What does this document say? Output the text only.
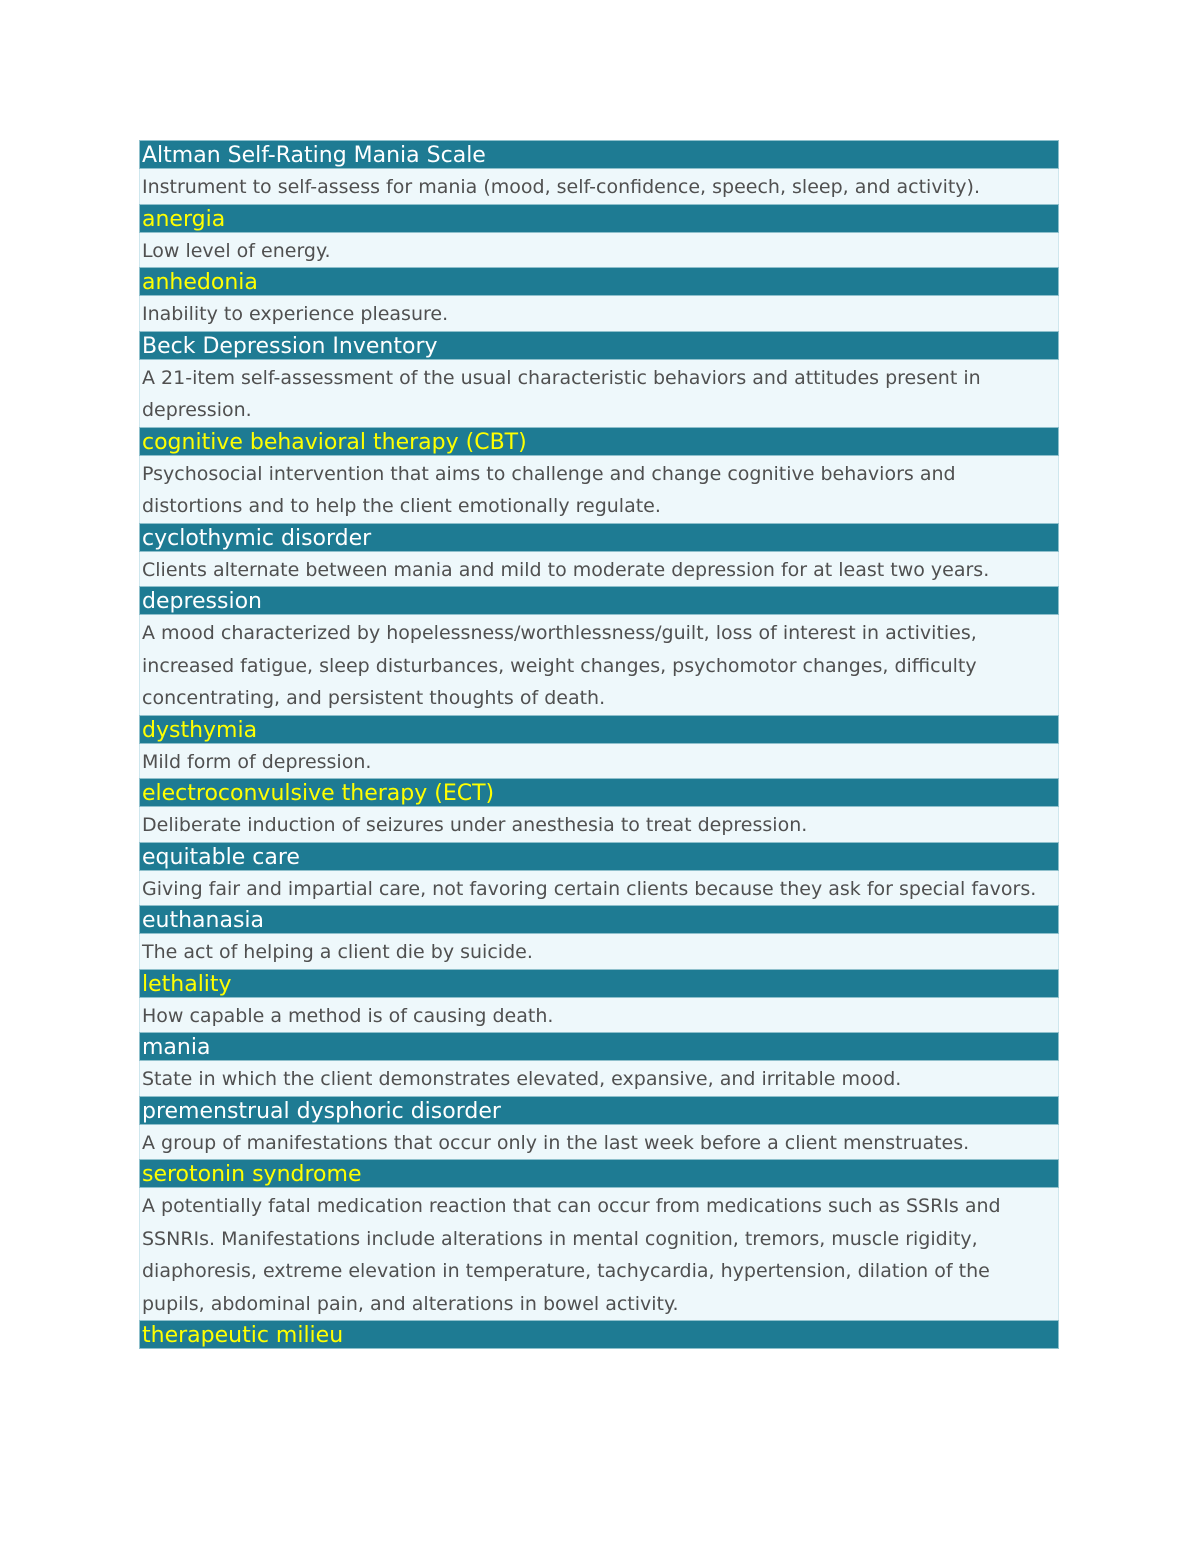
Altman Self-Rating Mania Scale
Instrument to self-assess for mania (mood, self-confidence, speech, sleep, and activity).
anergia
Low level of energy.
anhedonia
Inability to experience pleasure.
Beck Depression Inventory
A 21-item self-assessment of the usual characteristic behaviors and attitudes present in depression.
cognitive behavioral therapy (CBT)
Psychosocial intervention that aims to challenge and change cognitive behaviors and distortions and to help the client emotionally regulate.
cyclothymic disorder
Clients alternate between mania and mild to moderate depression for at least two years.
depression
A mood characterized by hopelessness/worthlessness/guilt, loss of interest in activities, increased fatigue, sleep disturbances, weight changes, psychomotor changes, difficulty concentrating, and persistent thoughts of death.
dysthymia
Mild form of depression.
electroconvulsive therapy (ECT)
Deliberate induction of seizures under anesthesia to treat depression.
equitable care
Giving fair and impartial care, not favoring certain clients because they ask for special favors.
euthanasia
The act of helping a client die by suicide.
lethality
How capable a method is of causing death.
mania
State in which the client demonstrates elevated, expansive, and irritable mood.
premenstrual dysphoric disorder
A group of manifestations that occur only in the last week before a client menstruates.
serotonin syndrome
A potentially fatal medication reaction that can occur from medications such as SSRIs and SSNRIs. Manifestations include alterations in mental cognition, tremors, muscle rigidity, diaphoresis, extreme elevation in temperature, tachycardia, hypertension, dilation of the pupils, abdominal pain, and alterations in bowel activity.
therapeutic milieu
